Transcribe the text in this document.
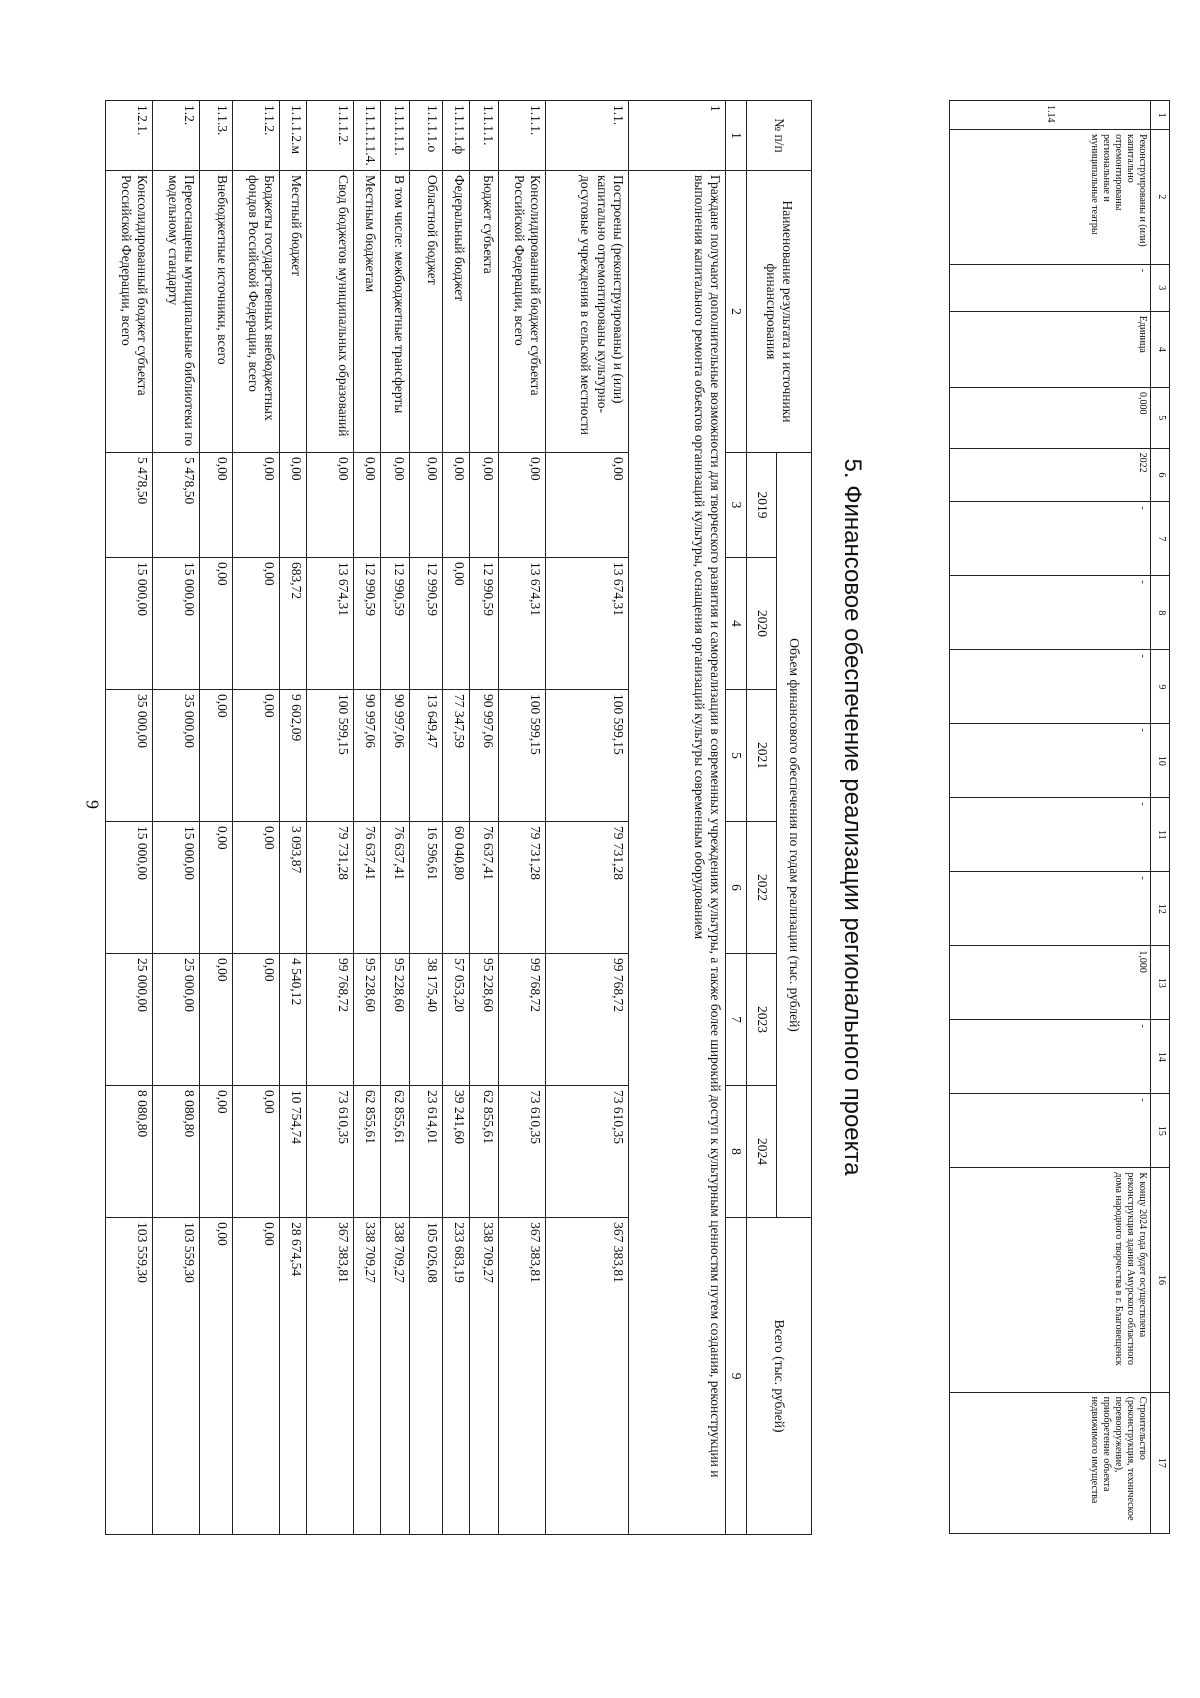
9
1	2	3	4	5	6	7	8	9	10	11	12	13	14	15	16	17
1.14	Реконструированы и (или) капитально отремонтированы региональные и муниципальные театры	-	Единица	0,000	2022	-	-	-	-	-	-	1,000	-	-	К концу 2024 года будет осуществлена реконструкция здания Амурского областного дома народного творчества в г. Благовещенск	Строительство (реконструкция, техническое перевооружение), приобретение объекта недвижимого имущества
5. Финансовое обеспечение реализации регионального проекта
№ п/п	Наименование результата и источники финансирования	Объем финансового обеспечения по годам реализации (тыс. рублей)						Всего (тыс. рублей)
		2019	2020	2021	2022	2023	2024	
1	2	3	4	5	6	7	8	9
1	Граждане получают дополнительные возможности для творческого развития и самореализации в современных учреждениях культуры, а также более широкий доступ к культурным ценностям путем создания, реконструкции и выполнения капитального ремонта объектов организаций культуры, оснащения организаций культуры современным оборудованием							
1.1.	Построены (реконструированы) и (или) капитально отремонтированы культурно-досуговые учреждения в сельской местности	0,00	13 674,31	100 599,15	79 731,28	99 768,72	73 610,35	367 383,81
1.1.1.	Консолидированный бюджет субъекта Российской Федерации, всего	0,00	13 674,31	100 599,15	79 731,28	99 768,72	73 610,35	367 383,81
1.1.1.1.	Бюджет субъекта	0,00	12 990,59	90 997,06	76 637,41	95 228,60	62 855,61	338 709,27
1.1.1.1.ф	Федеральный бюджет	0,00	0,00	77 347,59	60 040,80	57 053,20	39 241,60	233 683,19
1.1.1.1.о	Областной бюджет	0,00	12 990,59	13 649,47	16 596,61	38 175,40	23 614,01	105 026,08
1.1.1.1.1.	В том числе: межбюджетные трансферты	0,00	12 990,59	90 997,06	76 637,41	95 228,60	62 855,61	338 709,27
1.1.1.1.1.4.	Местным бюджетам	0,00	12 990,59	90 997,06	76 637,41	95 228,60	62 855,61	338 709,27
1.1.1.2.	Свод бюджетов муниципальных образований	0,00	13 674,31	100 599,15	79 731,28	99 768,72	73 610,35	367 383,81
1.1.1.2.м	Местный бюджет	0,00	683,72	9 602,09	3 093,87	4 540,12	10 754,74	28 674,54
1.1.2.	Бюджеты государственных внебюджетных фондов Российской Федерации, всего	0,00	0,00	0,00	0,00	0,00	0,00	0,00
1.1.3.	Внебюджетные источники, всего	0,00	0,00	0,00	0,00	0,00	0,00	0,00
1.2.	Переоснащены муниципальные библиотеки по модельному стандарту	5 478,50	15 000,00	35 000,00	15 000,00	25 000,00	8 080,80	103 559,30
1.2.1.	Консолидированный бюджет субъекта Российской Федерации, всего	5 478,50	15 000,00	35 000,00	15 000,00	25 000,00	8 080,80	103 559,30
